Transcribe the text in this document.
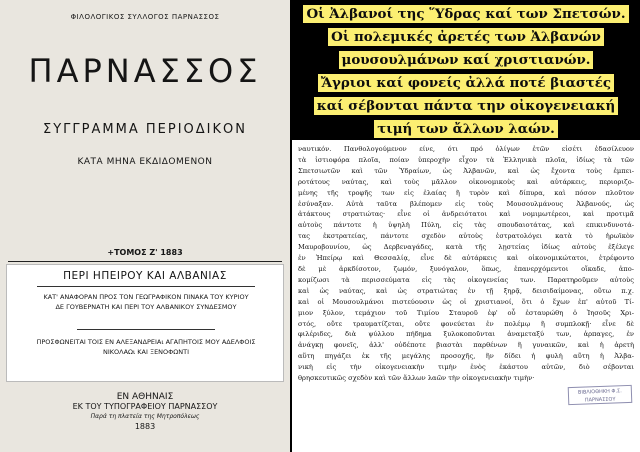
ΦΙΛΟΛΟΓΙΚΟΣ ΣΥΛΛΟΓΟΣ ΠΑΡΝΑΣΣΟΣ
ΠΑΡΝΑΣΣΟΣ
ΣΥΓΓΡΑΜΜΑ ΠΕΡΙΟΔΙΚΟΝ
ΚΑΤΑ ΜΗΝΑ ΕΚΔΙΔΟΜΕΝΟΝ
+ΤΟΜΟΣ Ζ' 1883
ΠΕΡΙ ΗΠΕΙΡΟΥ ΚΑΙ ΑΛΒΑΝΙΑΣ
ΚΑΤ' ΑΝΑΦΟΡΑΝ ΠΡΟΣ ΤΟΝ ΓΕΩΓΡΑΦΙΚΟΝ ΠΙΝΑΚΑ ΤΟΥ ΚΥΡΙΟΥ
ΔΕ ΓΟΥΒΕΡΝΑΤΗ ΚΑΙ ΠΕΡΙ ΤΟΥ ΑΛΒΑΝΙΚΟΥ ΣΥΝΔΕΣΜΟΥ
ΠΡΟΣΦΩΝΕΙΤΑΙ ΤΟΙΣ ΕΝ ΑΛΕΞΑΝΔΡΕΙΑι ΑΓΑΠΗΤΟΙΣ ΜΟΥ ΑΔΕΛΦΟΙΣ
ΝΙΚΟΛΑΩι ΚΑΙ ΞΕΝΟΦΩΝΤΙ
ΕΝ ΑΘΗΝΑΙΣ
ΕΚ ΤΟΥ ΤΥΠΟΓΡΑΦΕΙΟΥ ΠΑΡΝΑΣΣΟΥ
Παρά τη πλατεία της Μητροπόλεως
1883
Οἱ Ἀλβανοί της Ὕδρας καί των Σπετσών.
Οἱ πολεμικές ἀρετές των Ἀλβανών
μουσουλμάνων καί χριστιανών.
Ἄγριοι καί φονείς ἀλλά ποτέ βιαστές
καί σέβονται πάντα την οἰκογενειακή
τιμή των ἄλλων λαών.
ναυτικόν. Πανθολογούμενον είνε, ότι πρό ὀλίγων ἐτῶν εἰσέτι ἐδασίλευον
τὰ ἰστιοφόρα πλοῖα, ποίαν ὑπεροχὴν εἶχον τὰ Ἑλληνικὰ πλοῖα, ἰδίως τὰ τῶν
Σπετσιωτῶν καὶ τῶν Ὑδραίων, ὡς Ἀλβανῶν, καὶ ὡς ἔχοντα τοὺς ἐμπει-
ροτάτους ναύτας, καὶ τοὺς μᾶλλον οἰκονομικοὺς καὶ αὐτάρκεις, περιοριζο-
μένης τῆς τροφῆς των εἰς ἐλαίας ἢ τυρὸν καὶ δίπυρα, καὶ πόσον πλοῦτον
ἐσύναξαν. Αὐτὰ ταῦτα βλέπομεν εἰς τοὺς Μουσουλμάνους Ἀλβανούς, ὡς
ἀτάκτους στρατιώτας· εἶνε οἱ ἀνδρειότατοι καὶ νομιμωτέρεοι, καὶ προτιμᾶ
αὐτοὺς πάντοτε ἡ ὑψηλὴ Πύλη, εἰς τὰς σπουδαιοτάτας, καὶ επικινδυνοτά-
τας ἐκστρατείας, πάντοτε σχεδὸν αὐτοὺς ἐστρατολόγει κατὰ τὸ ἡρωϊκὸν
Μαυροβουνίου, ὡς Δερβεναγάδες, κατὰ τῆς λῃστείας ἰδίως αὐτοὺς ἐξέλεγε
ἐν Ἠπείρῳ καὶ Θεσσαλίᾳ, εἶνε δὲ αὐτάρκεις καὶ οἰκονομικώτατοι, ἐτρέφοντο
δὲ μὲ ἀρκδίσοτον, ζωμόν, ξυνόγαλον, ὅπως, ἐπανερχόμεντοι οἴκαδε, ἀπο-
κομίζωσι τὰ περισσεύματα εἰς τὰς οἰκογενείας των. Παρατηροῦμεν αὐτοὺς
καὶ ὡς ναύτας, καὶ ὡς στρατιώτας ἐν τῇ ξηρᾷ, δεισιδαίμονας, οὕτω π.χ.
καὶ οἱ Μουσουλμάνοι πιστεύουσιν ὡς οἱ χριστιανοί, ὅτι ὁ ἔχων ἐπ' αὐτοῦ Τί-
μιον ξύλον, τεμάχιον τοῦ Τιμίου Σταυροῦ ἐφ' οὗ ἐσταυρώθη ὁ Ἰησοῦς Χρι-
στός, οὔτε τραυματίζεται, οὔτε φονεύεται ἐν πολέμῳ ἢ συμπλοκῇ· εἶνε δὲ
φιλέριδες, διὰ ψύλλου πήδημα ξυλοκοποῦνται ἀναμεταξύ των, ἁρπαγες, ἐν
ἀνάγκῃ φονεῖς, ἀλλ' οὐδέποτε βιαστὰι παρθένων ἢ γυναικῶν, καὶ ἡ ἀρετὴ
αὕτη πηγάζει ἐκ τῆς μεγάλης προσοχῆς, ἣν δίδει ἡ φυλὴ αὕτη ἡ Ἀλβα-
νικὴ εἰς τὴν οἰκογενειακὴν τιμὴν ἑνὸς ἑκάστου αὐτῶν, διὸ σέβονται
θρησκευτικῶς σχεδὸν καὶ τῶν ἄλλων λαῶν τὴν οἰκογενειακὴν τιμὴν·
ΒΙΒΛΙΟΘΗΚΗ Φ.Σ. ΠΑΡΝΑΣΣΟΥ
